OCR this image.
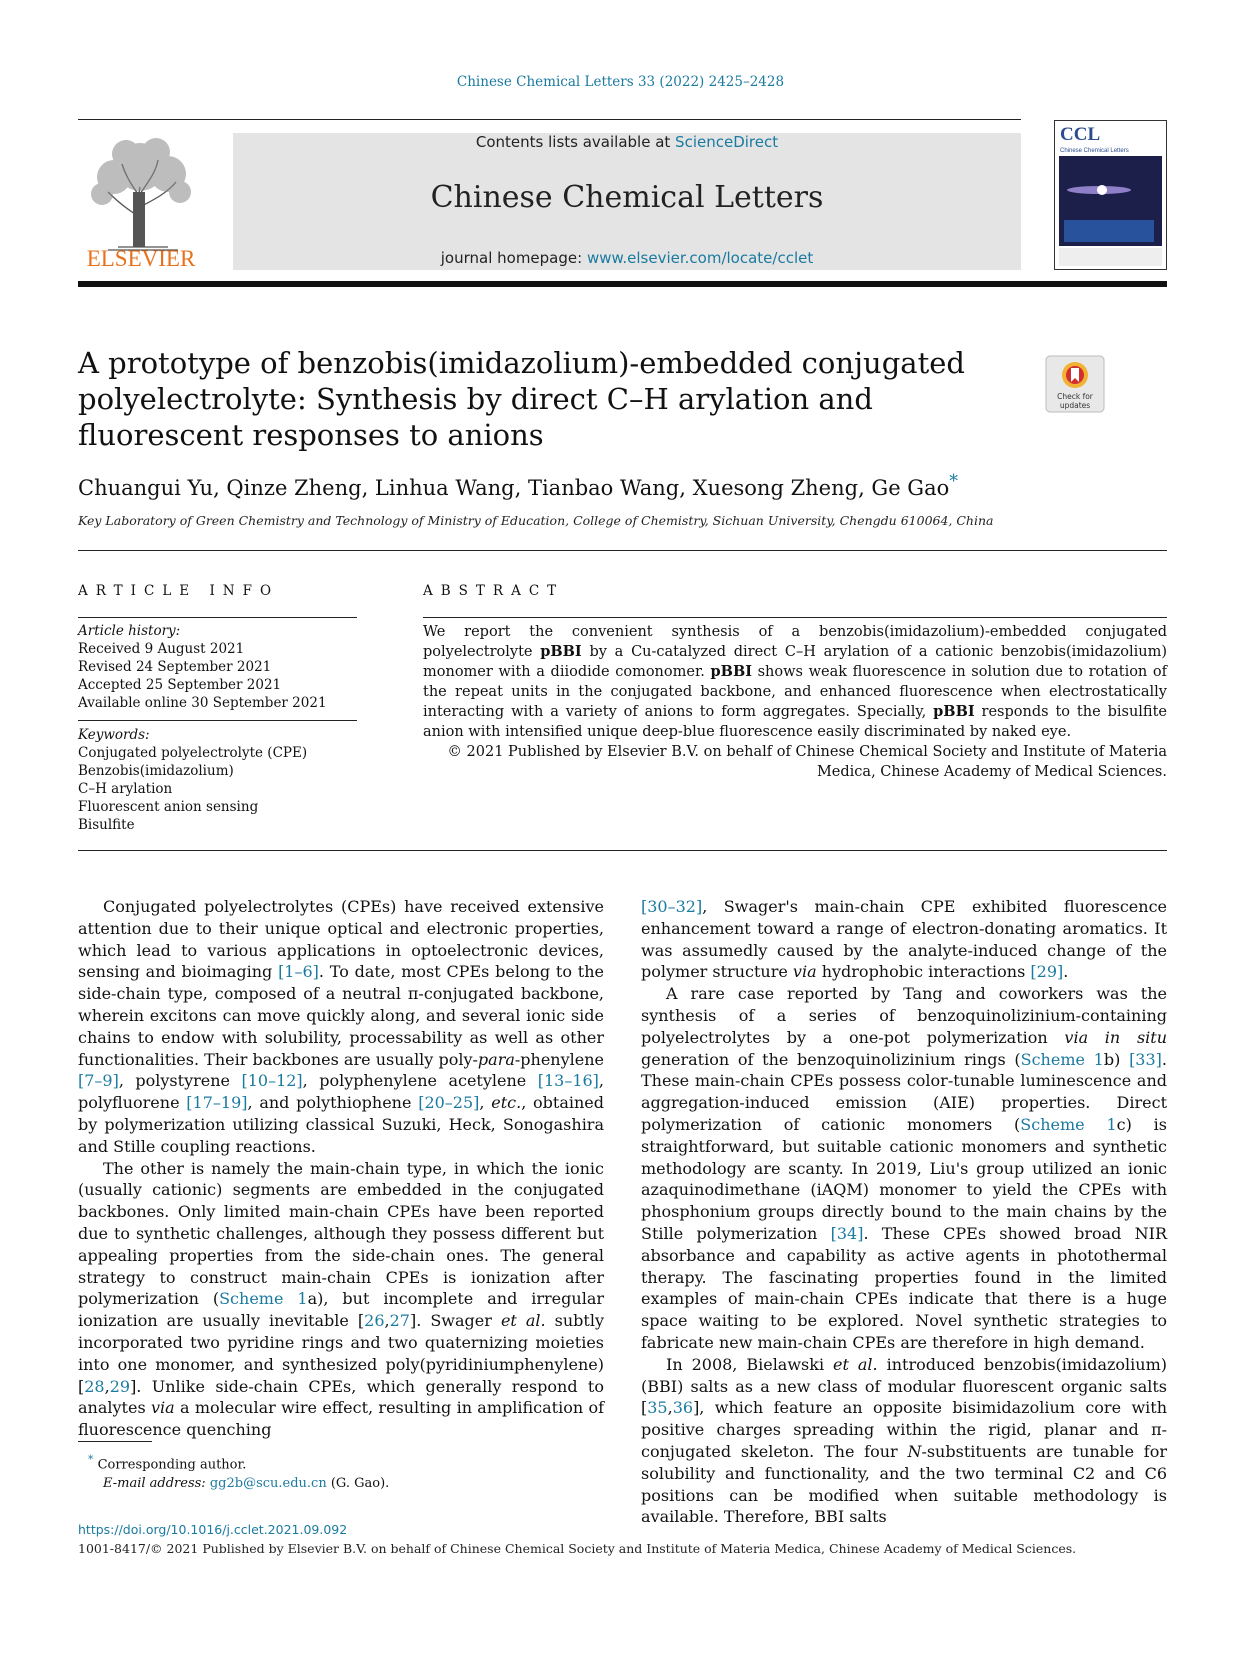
Chinese Chemical Letters 33 (2022) 2425–2428
ELSEVIER
Contents lists available at ScienceDirect
Chinese Chemical Letters
journal homepage: www.elsevier.com/locate/cclet
CCL
Chinese Chemical Letters
A prototype of benzobis(imidazolium)-embedded conjugated polyelectrolyte: Synthesis by direct C–H arylation and fluorescent responses to anions
Check for
updates
Chuangui Yu, Qinze Zheng, Linhua Wang, Tianbao Wang, Xuesong Zheng, Ge Gao*
Key Laboratory of Green Chemistry and Technology of Ministry of Education, College of Chemistry, Sichuan University, Chengdu 610064, China
ARTICLE INFO	ABSTRACT
Article history:
Received 9 August 2021
Revised 24 September 2021
Accepted 25 September 2021
Available online 30 September 2021
Keywords:
Conjugated polyelectrolyte (CPE)
Benzobis(imidazolium)
C–H arylation
Fluorescent anion sensing
Bisulfite
We report the convenient synthesis of a benzobis(imidazolium)-embedded conjugated polyelectrolyte pBBI by a Cu-catalyzed direct C–H arylation of a cationic benzobis(imidazolium) monomer with a diiodide comonomer. pBBI shows weak fluorescence in solution due to rotation of the repeat units in the conjugated backbone, and enhanced fluorescence when electrostatically interacting with a variety of anions to form aggregates. Specially, pBBI responds to the bisulfite anion with intensified unique deep-blue fluorescence easily discriminated by naked eye.
© 2021 Published by Elsevier B.V. on behalf of Chinese Chemical Society and Institute of Materia Medica, Chinese Academy of Medical Sciences.

Conjugated polyelectrolytes (CPEs) have received extensive attention due to their unique optical and electronic properties, which lead to various applications in optoelectronic devices, sensing and bioimaging [1–6]. To date, most CPEs belong to the side-chain type, composed of a neutral π-conjugated backbone, wherein excitons can move quickly along, and several ionic side chains to endow with solubility, processability as well as other functionalities. Their backbones are usually poly-para-phenylene [7–9], polystyrene [10–12], polyphenylene acetylene [13–16], polyfluorene [17–19], and polythiophene [20–25], etc., obtained by polymerization utilizing classical Suzuki, Heck, Sonogashira and Stille coupling reactions.

The other is namely the main-chain type, in which the ionic (usually cationic) segments are embedded in the conjugated backbones. Only limited main-chain CPEs have been reported due to synthetic challenges, although they possess different but appealing properties from the side-chain ones. The general strategy to construct main-chain CPEs is ionization after polymerization (Scheme 1a), but incomplete and irregular ionization are usually inevitable [26,27]. Swager et al. subtly incorporated two pyridine rings and two quaternizing moieties into one monomer, and synthesized poly(pyridiniumphenylene) [28,29]. Unlike side-chain CPEs, which generally respond to analytes via a molecular wire effect, resulting in amplification of fluorescence quenching

[30–32], Swager's main-chain CPE exhibited fluorescence enhancement toward a range of electron-donating aromatics. It was assumedly caused by the analyte-induced change of the polymer structure via hydrophobic interactions [29].

A rare case reported by Tang and coworkers was the synthesis of a series of benzoquinolizinium-containing polyelectrolytes by a one-pot polymerization via in situ generation of the benzoquinolizinium rings (Scheme 1b) [33]. These main-chain CPEs possess color-tunable luminescence and aggregation-induced emission (AIE) properties. Direct polymerization of cationic monomers (Scheme 1c) is straightforward, but suitable cationic monomers and synthetic methodology are scanty. In 2019, Liu's group utilized an ionic azaquinodimethane (iAQM) monomer to yield the CPEs with phosphonium groups directly bound to the main chains by the Stille polymerization [34]. These CPEs showed broad NIR absorbance and capability as active agents in photothermal therapy. The fascinating properties found in the limited examples of main-chain CPEs indicate that there is a huge space waiting to be explored. Novel synthetic strategies to fabricate new main-chain CPEs are therefore in high demand.

In 2008, Bielawski et al. introduced benzobis(imidazolium) (BBI) salts as a new class of modular fluorescent organic salts [35,36], which feature an opposite bisimidazolium core with positive charges spreading within the rigid, planar and π-conjugated skeleton. The four N-substituents are tunable for solubility and functionality, and the two terminal C2 and C6 positions can be modified when suitable methodology is available. Therefore, BBI salts

* Corresponding author.
E-mail address: gg2b@scu.edu.cn (G. Gao).
https://doi.org/10.1016/j.cclet.2021.09.092
1001-8417/© 2021 Published by Elsevier B.V. on behalf of Chinese Chemical Society and Institute of Materia Medica, Chinese Academy of Medical Sciences.
